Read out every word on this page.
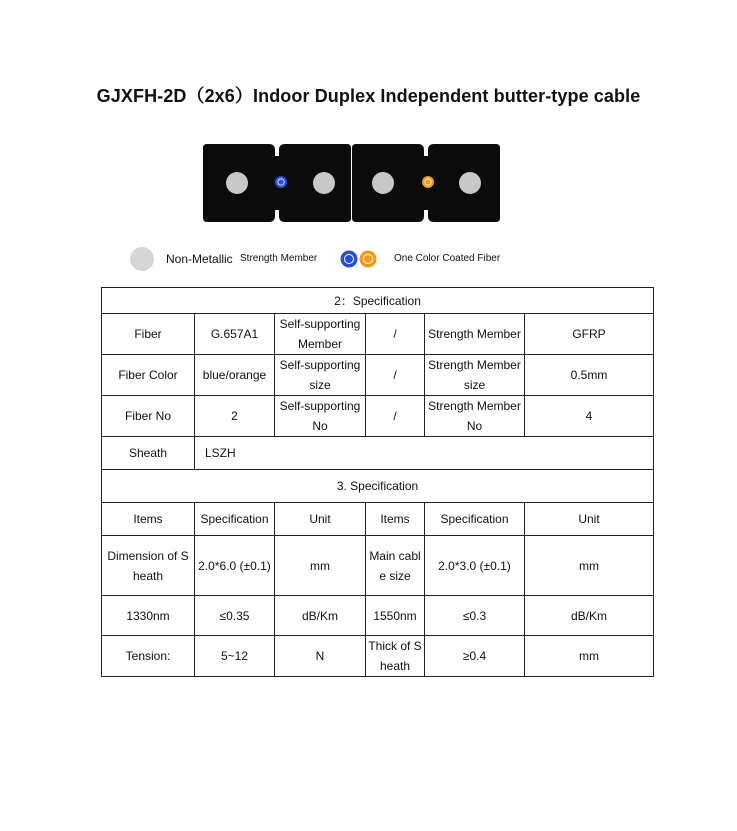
GJXFH-2D（2x6）Indoor Duplex Independent butter-type cable
Non-Metallic Strength Member	One Color Coated Fiber
2：Specification					
Fiber	G.657A1	Self-supporting Member	/	Strength Member	GFRP
Fiber Color	blue/orange	Self-supporting size	/	Strength Member size	0.5mm
Fiber No	2	Self-supporting No	/	Strength Member No	4
Sheath	LSZH				
3. Specification					
Items	Specification	Unit	Items	Specification	Unit
Dimension of Sheath	2.0*6.0 (±0.1)	mm	Main cable size	2.0*3.0 (±0.1)	mm
1330nm	≤0.35	dB/Km	1550nm	≤0.3	dB/Km
Tension:	5~12	N	Thick of Sheath	≥0.4	mm
